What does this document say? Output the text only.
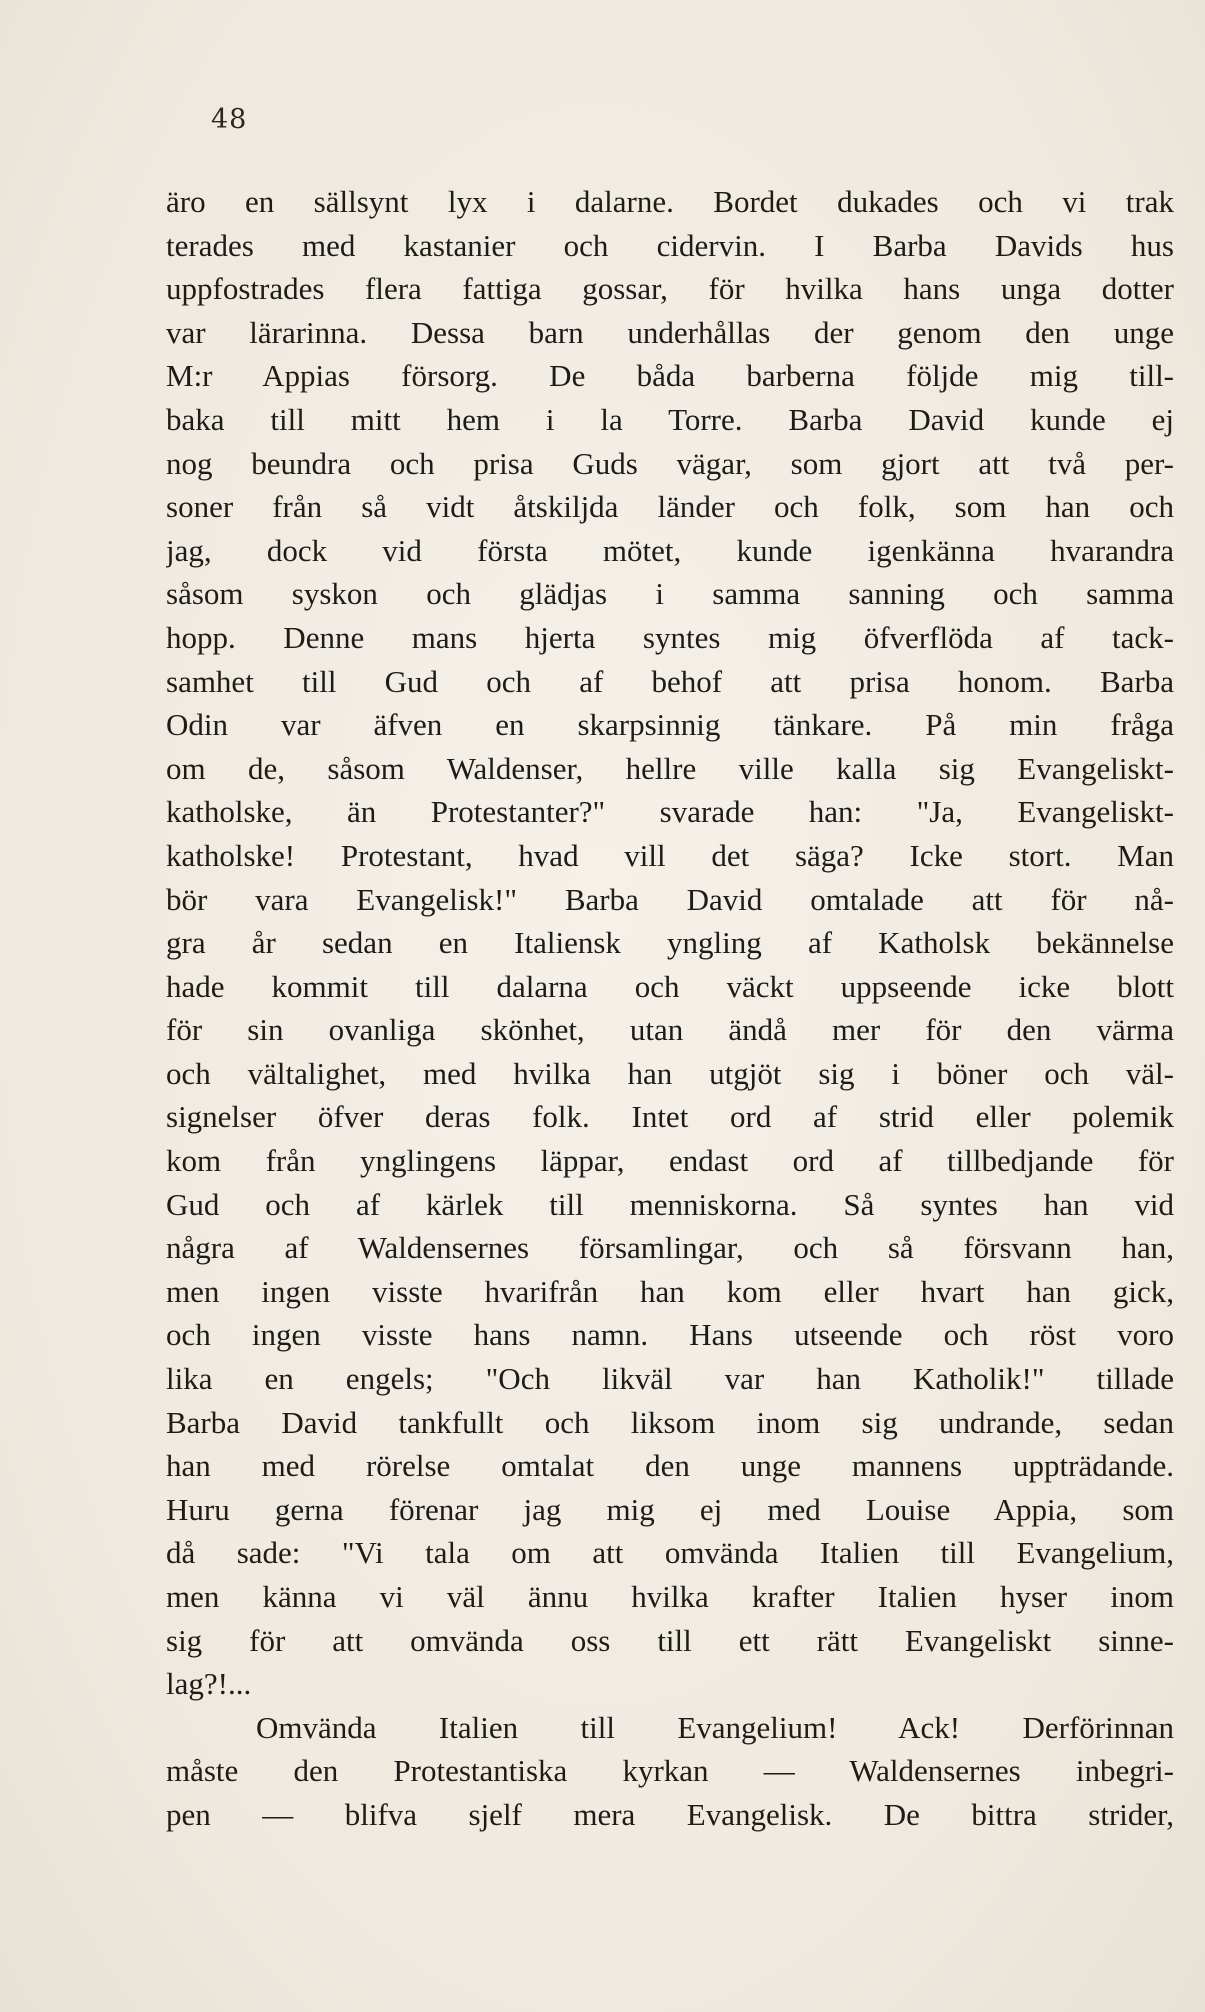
48
äro en sällsynt lyx i dalarne. Bordet dukades och vi trak
terades med kastanier och cidervin. I Barba Davids hus
uppfostrades flera fattiga gossar, för hvilka hans unga dotter
var lärarinna. Dessa barn underhållas der genom den unge
M:r Appias försorg. De båda barberna följde mig till-
baka till mitt hem i la Torre. Barba David kunde ej
nog beundra och prisa Guds vägar, som gjort att två per-
soner från så vidt åtskiljda länder och folk, som han och
jag, dock vid första mötet, kunde igenkänna hvarandra
såsom syskon och glädjas i samma sanning och samma
hopp. Denne mans hjerta syntes mig öfverflöda af tack-
samhet till Gud och af behof att prisa honom. Barba
Odin var äfven en skarpsinnig tänkare. På min fråga
om de, såsom Waldenser, hellre ville kalla sig Evangeliskt-
katholske, än Protestanter?" svarade han: "Ja, Evangeliskt-
katholske! Protestant, hvad vill det säga? Icke stort. Man
bör vara Evangelisk!" Barba David omtalade att för nå-
gra år sedan en Italiensk yngling af Katholsk bekännelse
hade kommit till dalarna och väckt uppseende icke blott
för sin ovanliga skönhet, utan ändå mer för den värma
och vältalighet, med hvilka han utgjöt sig i böner och väl-
signelser öfver deras folk. Intet ord af strid eller polemik
kom från ynglingens läppar, endast ord af tillbedjande för
Gud och af kärlek till menniskorna. Så syntes han vid
några af Waldensernes församlingar, och så försvann han,
men ingen visste hvarifrån han kom eller hvart han gick,
och ingen visste hans namn. Hans utseende och röst voro
lika en engels; "Och likväl var han Katholik!" tillade
Barba David tankfullt och liksom inom sig undrande, sedan
han med rörelse omtalat den unge mannens uppträdande.
Huru gerna förenar jag mig ej med Louise Appia, som
då sade: "Vi tala om att omvända Italien till Evangelium,
men känna vi väl ännu hvilka krafter Italien hyser inom
sig för att omvända oss till ett rätt Evangeliskt sinne-
lag?!...
Omvända Italien till Evangelium! Ack! Derförinnan
måste den Protestantiska kyrkan — Waldensernes inbegri-
pen — blifva sjelf mera Evangelisk. De bittra strider,
